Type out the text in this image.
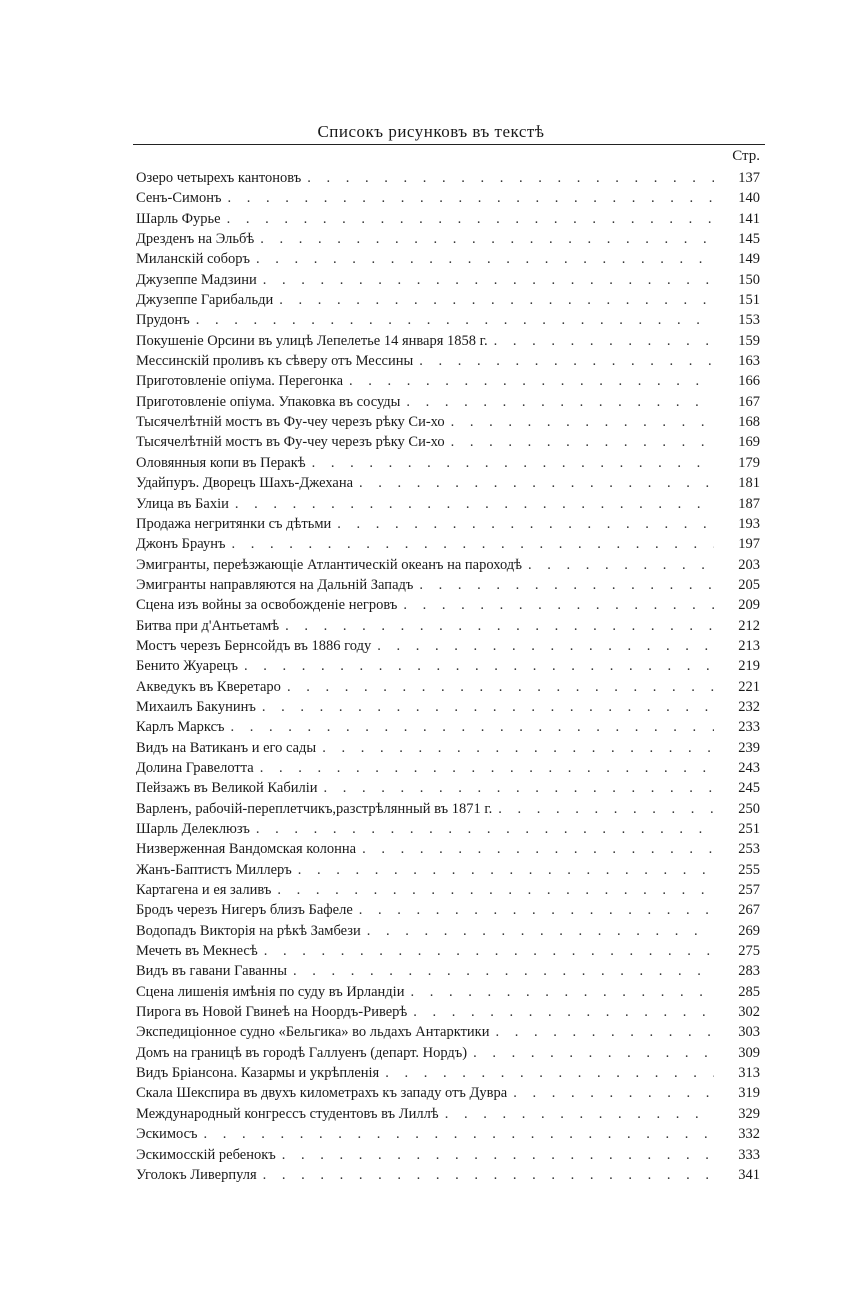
Списокъ рисунковъ въ текстѣ
Стр.
Озеро четырехъ кантоновъ . . .	137
Сенъ-Симонъ . . .	140
Шарль Фурье . . .	141
Дрезденъ на Эльбѣ . . .	145
Миланскій соборъ . . .	149
Джузеппе Мадзини . . .	150
Джузеппе Гарибальди . . .	151
Прудонъ . . .	153
Покушеніе Орсини въ улицѣ Лепелетье 14 января 1858 г. . . .	159
Мессинскій проливъ къ сѣверу отъ Мессины . . .	163
Приготовленіе опіума. Перегонка . . .	166
Приготовленіе опіума. Упаковка въ сосуды . . .	167
Тысячелѣтній мостъ въ Фу-чеу черезъ рѣку Си-хо . . .	168
Тысячелѣтній мостъ въ Фу-чеу черезъ рѣку Си-хо . . .	169
Оловянныя копи въ Перакѣ . . .	179
Удайпуръ. Дворецъ Шахъ-Джехана . . .	181
Улица въ Бахіи . . .	187
Продажа негритянки съ дѣтьми . . .	193
Джонъ Браунъ . . .	197
Эмигранты, переѣзжающіе Атлантическій океанъ на пароходѣ . . .	203
Эмигранты направляются на Дальній Западъ . . .	205
Сцена изъ войны за освобожденіе негровъ . . .	209
Битва при д'Антьетамѣ . . .	212
Мостъ черезъ Бернсойдъ въ 1886 году . . .	213
Бенито Жуарецъ . . .	219
Акведукъ въ Кверетаро . . .	221
Михаилъ Бакунинъ . . .	232
Карлъ Марксъ . . .	233
Видъ на Ватиканъ и его сады . . .	239
Долина Гравелотта . . .	243
Пейзажъ въ Великой Кабиліи . . .	245
Варленъ, рабочій-переплетчикъ,разстрѣлянный въ 1871 г. . . .	250
Шарль Делеклюзъ . . .	251
Низверженная Вандомская колонна . . .	253
Жанъ-Баптистъ Миллеръ . . .	255
Картагена и ея заливъ . . .	257
Бродъ черезъ Нигеръ близъ Бафеле . . .	267
Водопадъ Викторія на рѣкѣ Замбези . . .	269
Мечеть въ Мекнесѣ . . .	275
Видъ въ гавани Гаванны . . .	283
Сцена лишенія имѣнія по суду въ Ирландіи . . .	285
Пирога въ Новой Гвинеѣ на Ноордъ-Риверѣ . . .	302
Экспедиціонное судно «Бельгика» во льдахъ Антарктики . . .	303
Домъ на границѣ въ городѣ Галлуенъ (департ. Нордъ) . . .	309
Видъ Бріансона. Казармы и укрѣпленія . . .	313
Скала Шекспира въ двухъ километрахъ къ западу отъ Дувра . . .	319
Международный конгрессъ студентовъ въ Лиллѣ . . .	329
Эскимосъ . . .	332
Эскимосскій ребенокъ . . .	333
Уголокъ Ливерпуля . . .	341
